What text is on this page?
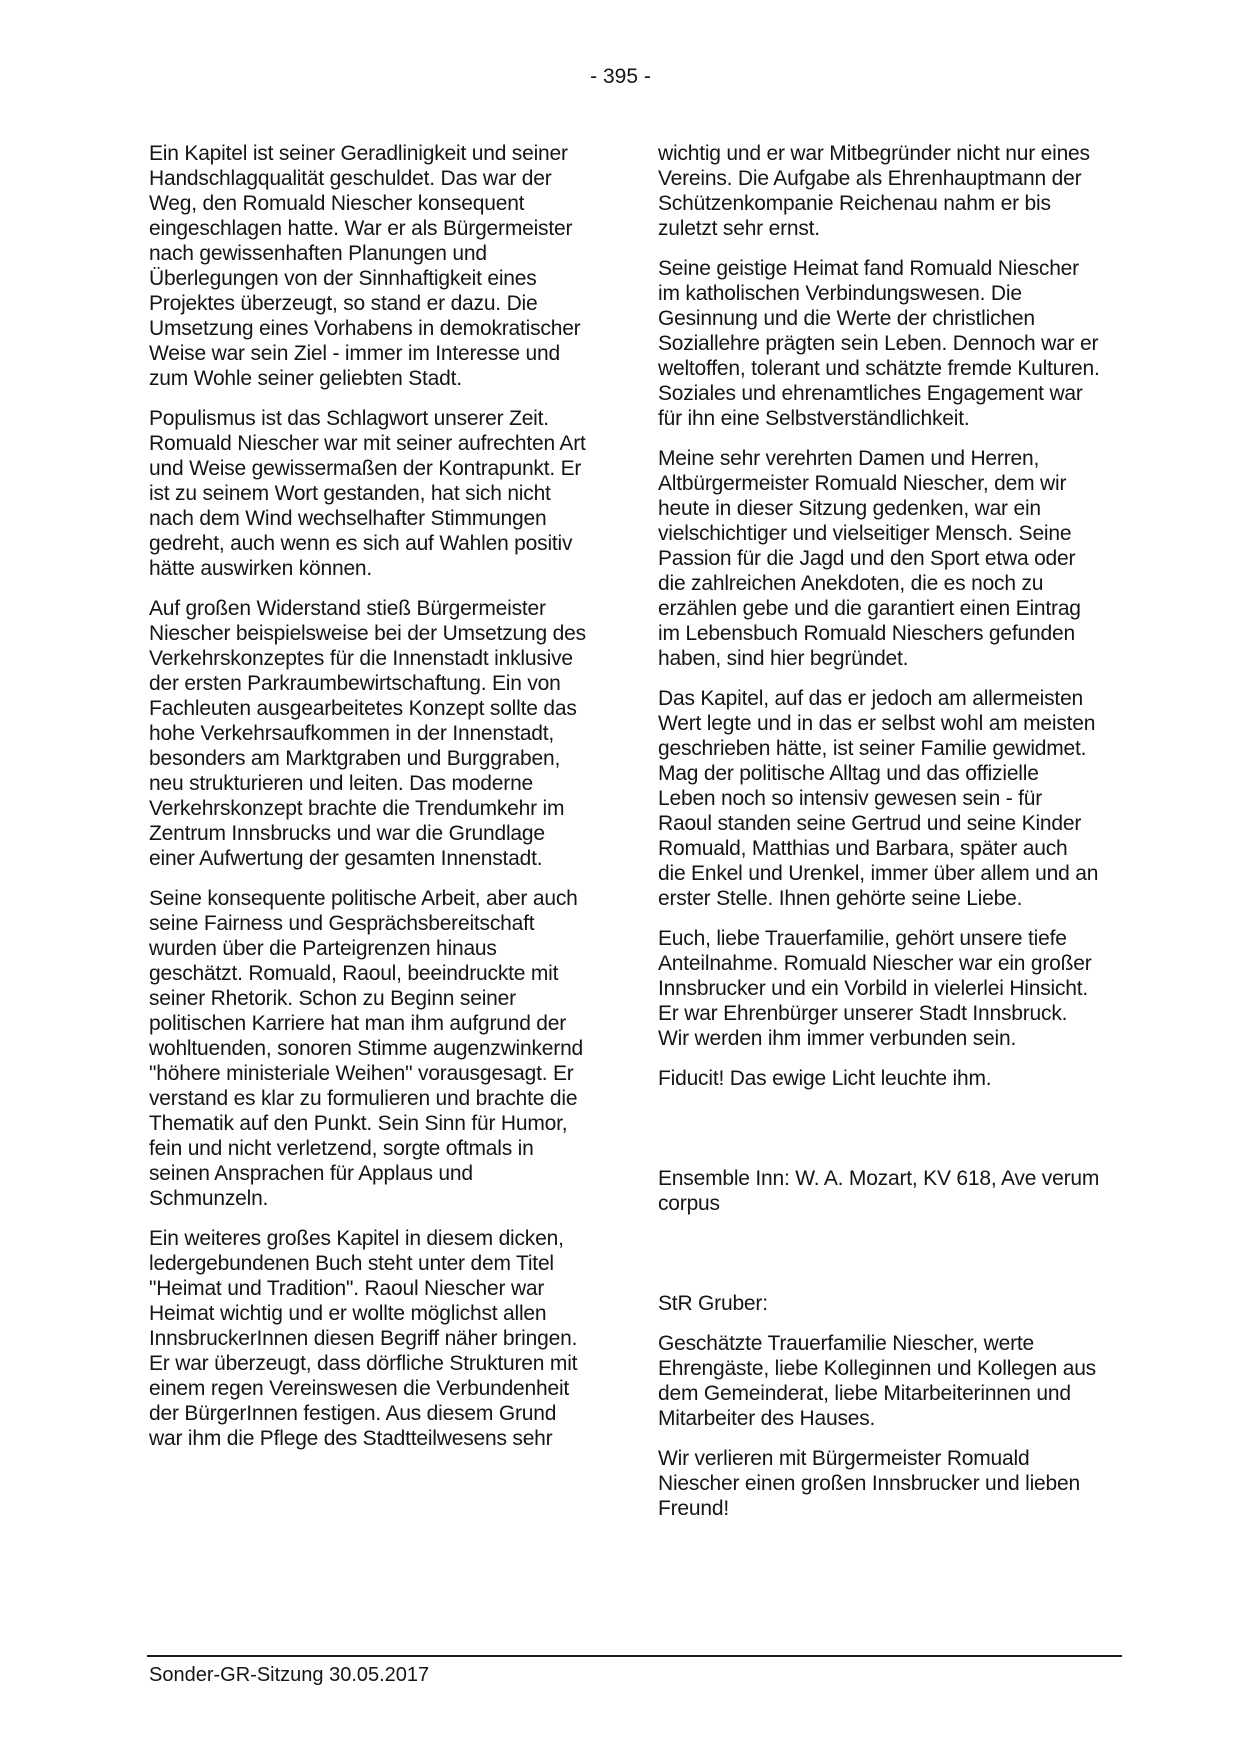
- 395 -

Ein Kapitel ist seiner Geradlinigkeit und seiner Handschlagqualität geschuldet. Das war der Weg, den Romuald Niescher konsequent eingeschlagen hatte. War er als Bürgermeister nach gewissenhaften Planungen und Überlegungen von der Sinnhaftigkeit eines Projektes überzeugt, so stand er dazu. Die Umsetzung eines Vorhabens in demokratischer Weise war sein Ziel - immer im Interesse und zum Wohle seiner geliebten Stadt.

Populismus ist das Schlagwort unserer Zeit. Romuald Niescher war mit seiner aufrechten Art und Weise gewissermaßen der Kontrapunkt. Er ist zu seinem Wort gestanden, hat sich nicht nach dem Wind wechselhafter Stimmungen gedreht, auch wenn es sich auf Wahlen positiv hätte auswirken können.

Auf großen Widerstand stieß Bürgermeister Niescher beispielsweise bei der Umsetzung des Verkehrskonzeptes für die Innenstadt inklusive der ersten Parkraumbewirtschaftung. Ein von Fachleuten ausgearbeitetes Konzept sollte das hohe Verkehrsaufkommen in der Innenstadt, besonders am Marktgraben und Burggraben, neu strukturieren und leiten. Das moderne Verkehrskonzept brachte die Trendumkehr im Zentrum Innsbrucks und war die Grundlage einer Aufwertung der gesamten Innenstadt.

Seine konsequente politische Arbeit, aber auch seine Fairness und Gesprächsbereitschaft wurden über die Parteigrenzen hinaus geschätzt. Romuald, Raoul, beeindruckte mit seiner Rhetorik. Schon zu Beginn seiner politischen Karriere hat man ihm aufgrund der wohltuenden, sonoren Stimme augenzwinkernd "höhere ministeriale Weihen" vorausgesagt. Er verstand es klar zu formulieren und brachte die Thematik auf den Punkt. Sein Sinn für Humor, fein und nicht verletzend, sorgte oftmals in seinen Ansprachen für Applaus und Schmunzeln.

Ein weiteres großes Kapitel in diesem dicken, ledergebundenen Buch steht unter dem Titel "Heimat und Tradition". Raoul Niescher war Heimat wichtig und er wollte möglichst allen InnsbruckerInnen diesen Begriff näher bringen. Er war überzeugt, dass dörfliche Strukturen mit einem regen Vereinswesen die Verbundenheit der BürgerInnen festigen. Aus diesem Grund war ihm die Pflege des Stadtteilwesens sehr

wichtig und er war Mitbegründer nicht nur eines Vereins. Die Aufgabe als Ehrenhauptmann der Schützenkompanie Reichenau nahm er bis zuletzt sehr ernst.

Seine geistige Heimat fand Romuald Niescher im katholischen Verbindungswesen. Die Gesinnung und die Werte der christlichen Soziallehre prägten sein Leben. Dennoch war er weltoffen, tolerant und schätzte fremde Kulturen. Soziales und ehrenamtliches Engagement war für ihn eine Selbstverständlichkeit.

Meine sehr verehrten Damen und Herren, Altbürgermeister Romuald Niescher, dem wir heute in dieser Sitzung gedenken, war ein vielschichtiger und vielseitiger Mensch. Seine Passion für die Jagd und den Sport etwa oder die zahlreichen Anekdoten, die es noch zu erzählen gebe und die garantiert einen Eintrag im Lebensbuch Romuald Nieschers gefunden haben, sind hier begründet.

Das Kapitel, auf das er jedoch am allermeisten Wert legte und in das er selbst wohl am meisten geschrieben hätte, ist seiner Familie gewidmet. Mag der politische Alltag und das offizielle Leben noch so intensiv gewesen sein - für Raoul standen seine Gertrud und seine Kinder Romuald, Matthias und Barbara, später auch die Enkel und Urenkel, immer über allem und an erster Stelle. Ihnen gehörte seine Liebe.

Euch, liebe Trauerfamilie, gehört unsere tiefe Anteilnahme. Romuald Niescher war ein großer Innsbrucker und ein Vorbild in vielerlei Hinsicht. Er war Ehrenbürger unserer Stadt Innsbruck. Wir werden ihm immer verbunden sein.

Fiducit! Das ewige Licht leuchte ihm.

Ensemble Inn: W. A. Mozart, KV 618, Ave verum corpus

StR Gruber:

Geschätzte Trauerfamilie Niescher, werte Ehrengäste, liebe Kolleginnen und Kollegen aus dem Gemeinderat, liebe Mitarbeiterinnen und Mitarbeiter des Hauses.

Wir verlieren mit Bürgermeister Romuald Niescher einen großen Innsbrucker und lieben Freund!

Sonder-GR-Sitzung 30.05.2017
